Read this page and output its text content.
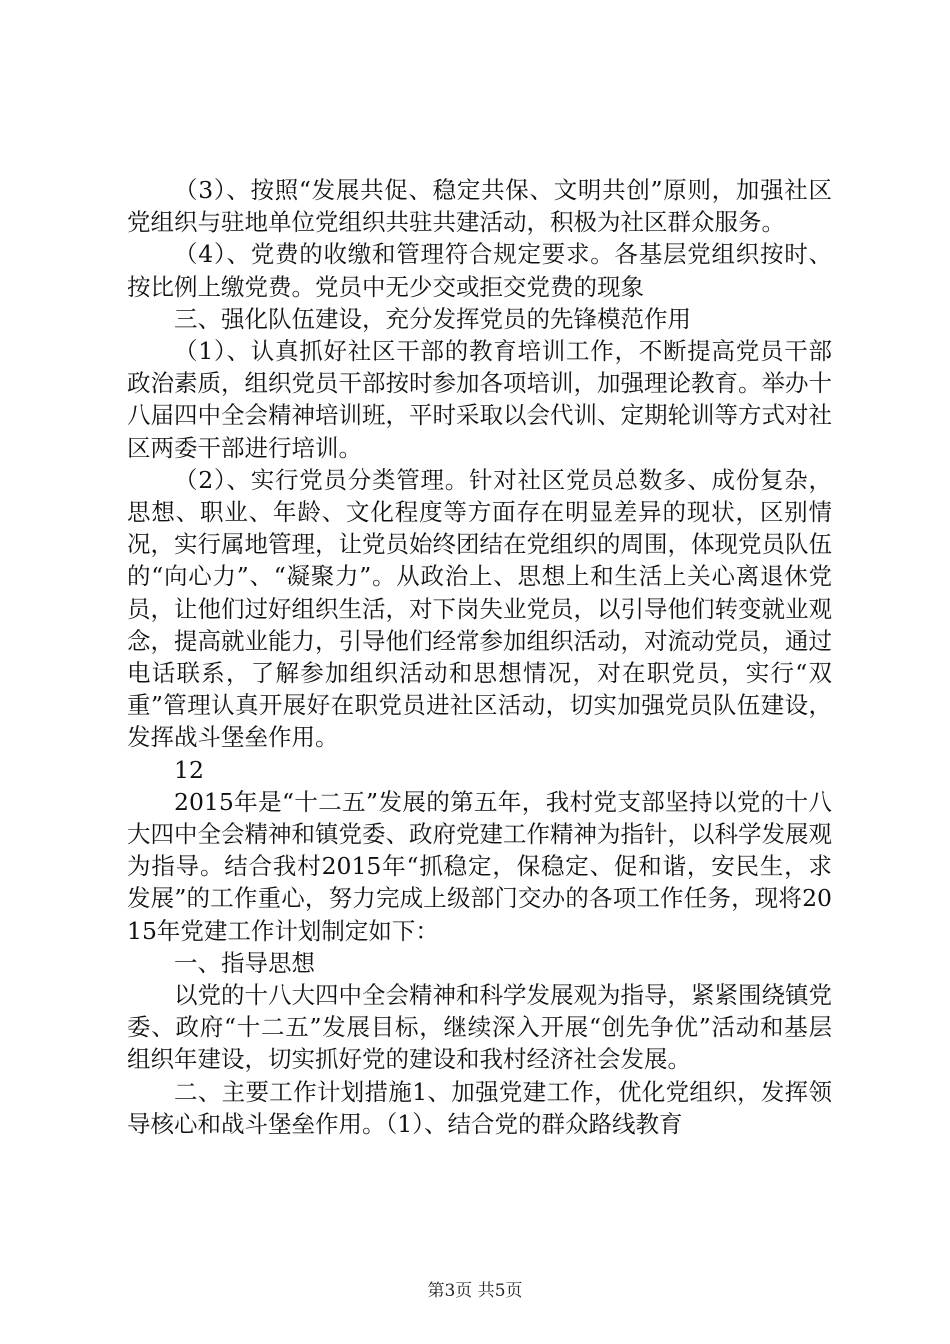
（3）、按照“发展共促、稳定共保、文明共创”原则，加强社区党组织与驻地单位党组织共驻共建活动，积极为社区群众服务。

（4）、党费的收缴和管理符合规定要求。各基层党组织按时、按比例上缴党费。党员中无少交或拒交党费的现象

三、强化队伍建设，充分发挥党员的先锋模范作用

（1）、认真抓好社区干部的教育培训工作，不断提高党员干部政治素质，组织党员干部按时参加各项培训，加强理论教育。举办十八届四中全会精神培训班，平时采取以会代训、定期轮训等方式对社区两委干部进行培训。

（2）、实行党员分类管理。针对社区党员总数多、成份复杂，思想、职业、年龄、文化程度等方面存在明显差异的现状，区别情况，实行属地管理，让党员始终团结在党组织的周围，体现党员队伍的“向心力”、“凝聚力”。从政治上、思想上和生活上关心离退休党员，让他们过好组织生活，对下岗失业党员，以引导他们转变就业观念，提高就业能力，引导他们经常参加组织活动，对流动党员，通过电话联系，了解参加组织活动和思想情况，对在职党员，实行“双重”管理认真开展好在职党员进社区活动，切实加强党员队伍建设，发挥战斗堡垒作用。

12

2015年是“十二五”发展的第五年，我村党支部坚持以党的十八大四中全会精神和镇党委、政府党建工作精神为指针，以科学发展观为指导。结合我村2015年“抓稳定，保稳定、促和谐，安民生，求发展”的工作重心，努力完成上级部门交办的各项工作任务，现将2015年党建工作计划制定如下：

一、指导思想

以党的十八大四中全会精神和科学发展观为指导，紧紧围绕镇党委、政府“十二五”发展目标，继续深入开展“创先争优”活动和基层组织年建设，切实抓好党的建设和我村经济社会发展。

二、主要工作计划措施1、加强党建工作，优化党组织，发挥领导核心和战斗堡垒作用。（1）、结合党的群众路线教育

第3页 共5页
